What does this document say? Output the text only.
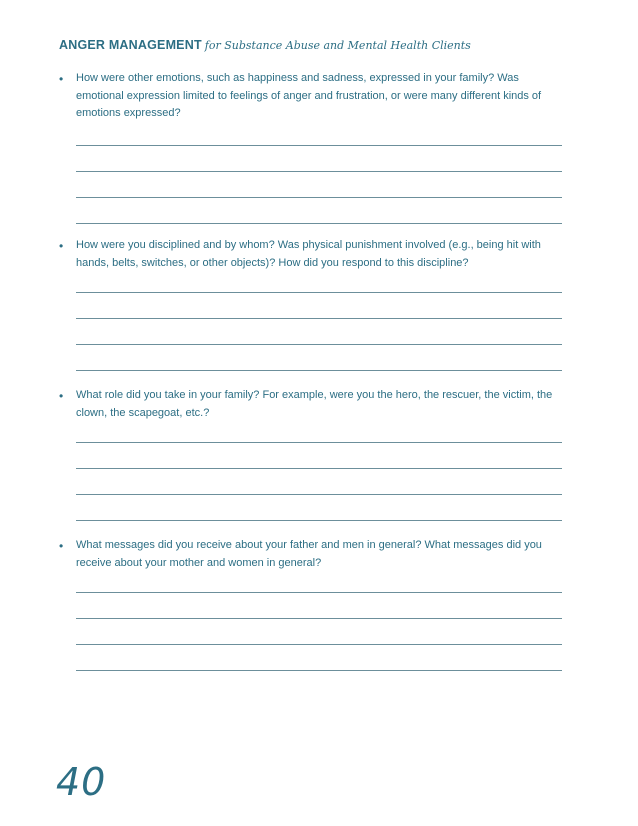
ANGER MANAGEMENT for Substance Abuse and Mental Health Clients
• How were other emotions, such as happiness and sadness, expressed in your family? Was emotional expression limited to feelings of anger and frustration, or were many different kinds of emotions expressed?
• How were you disciplined and by whom? Was physical punishment involved (e.g., being hit with hands, belts, switches, or other objects)? How did you respond to this discipline?
• What role did you take in your family? For example, were you the hero, the rescuer, the victim, the clown, the scapegoat, etc.?
• What messages did you receive about your father and men in general? What messages did you receive about your mother and women in general?
40
